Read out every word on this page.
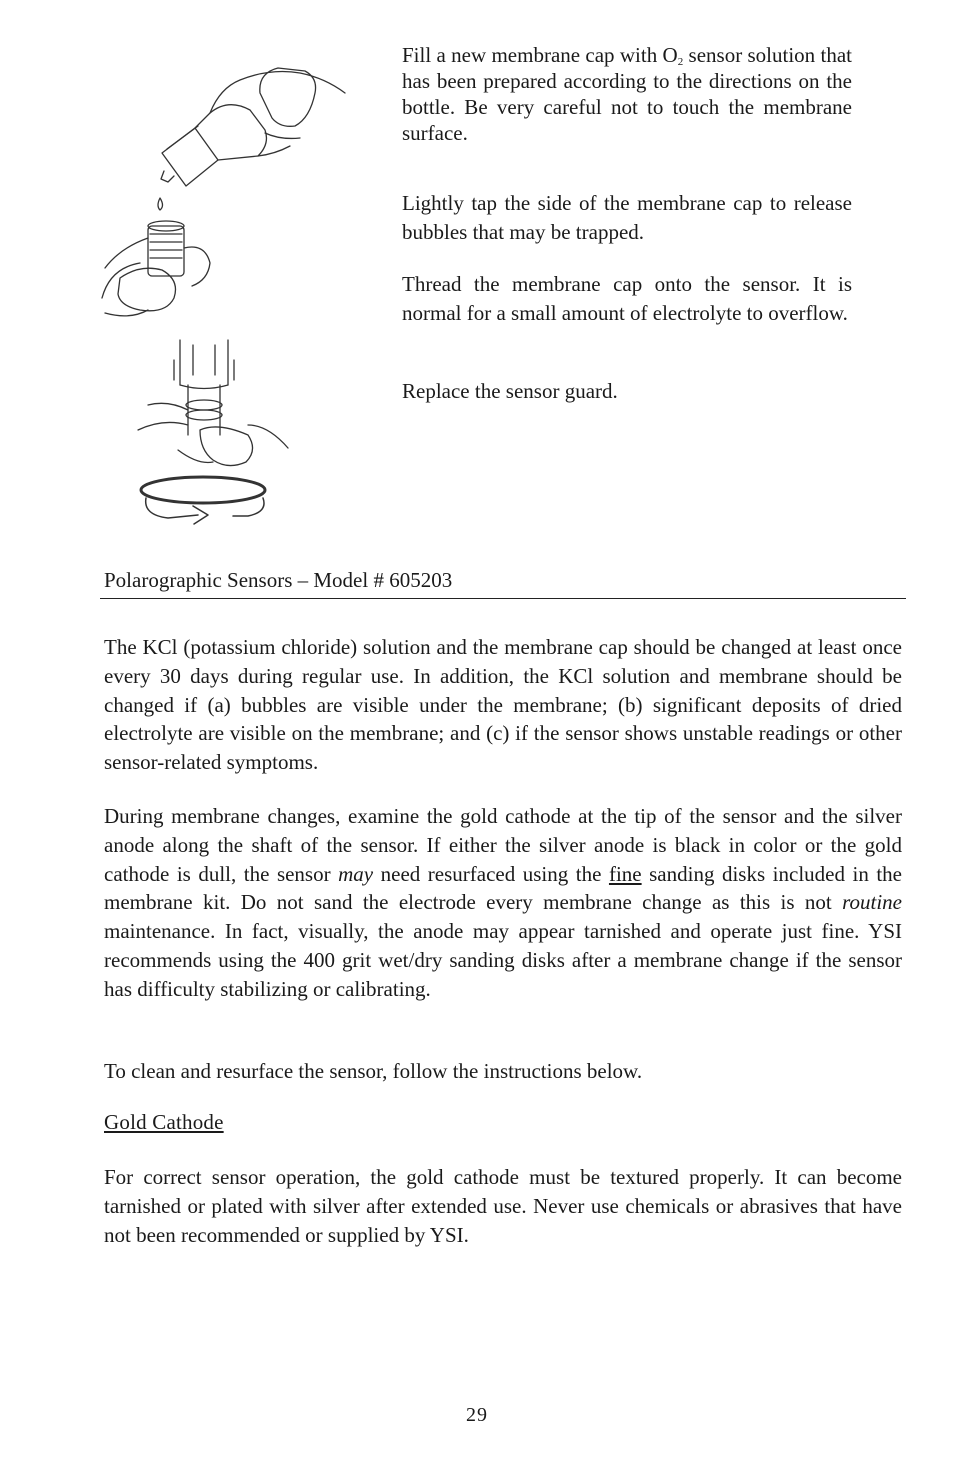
Fill a new membrane cap with $O_2$ sensor solution that has been prepared according to the directions on the bottle. Be very careful not to touch the membrane surface.

Lightly tap the side of the membrane cap to release bubbles that may be trapped.

Thread the membrane cap onto the sensor. It is normal for a small amount of electrolyte to overflow.

Replace the sensor guard.

Polarographic Sensors – Model # 605203

The KCl (potassium chloride) solution and the membrane cap should be changed at least once every 30 days during regular use. In addition, the KCl solution and membrane should be changed if (a) bubbles are visible under the membrane; (b) significant deposits of dried electrolyte are visible on the membrane; and (c) if the sensor shows unstable readings or other sensor-related symptoms.

During membrane changes, examine the gold cathode at the tip of the sensor and the silver anode along the shaft of the sensor. If either the silver anode is black in color or the gold cathode is dull, the sensor may need resurfaced using the fine sanding disks included in the membrane kit. Do not sand the electrode every membrane change as this is not routine maintenance. In fact, visually, the anode may appear tarnished and operate just fine. YSI recommends using the 400 grit wet/dry sanding disks after a membrane change if the sensor has difficulty stabilizing or calibrating.

To clean and resurface the sensor, follow the instructions below.

Gold Cathode

For correct sensor operation, the gold cathode must be textured properly. It can become tarnished or plated with silver after extended use. Never use chemicals or abrasives that have not been recommended or supplied by YSI.

29
